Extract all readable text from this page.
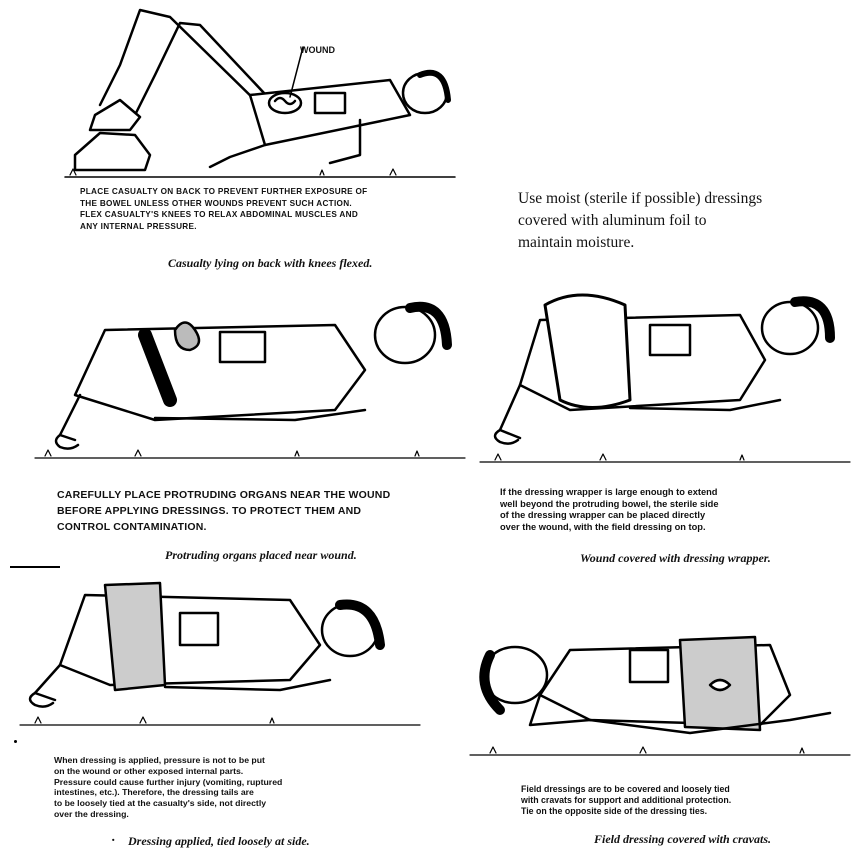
WOUND
PLACE CASUALTY ON BACK TO PREVENT FURTHER EXPOSURE OF
THE BOWEL UNLESS OTHER WOUNDS PREVENT SUCH ACTION.
FLEX CASUALTY'S KNEES TO RELAX ABDOMINAL MUSCLES AND
ANY INTERNAL PRESSURE.
Casualty lying on back with knees flexed.
Use moist (sterile if possible) dressings
covered with aluminum foil to
maintain moisture.
CAREFULLY PLACE PROTRUDING ORGANS NEAR THE WOUND
BEFORE APPLYING DRESSINGS. TO PROTECT THEM AND
CONTROL CONTAMINATION.
Protruding organs placed near wound.
If the dressing wrapper is large enough to extend
well beyond the protruding bowel, the sterile side
of the dressing wrapper can be placed directly
over the wound, with the field dressing on top.
Wound covered with dressing wrapper.
When dressing is applied, pressure is not to be put
on the wound or other exposed internal parts.
Pressure could cause further injury (vomiting, ruptured
intestines, etc.). Therefore, the dressing tails are
to be loosely tied at the casualty's side, not directly
over the dressing.
. Dressing applied, tied loosely at side.
Field dressings are to be covered and loosely tied
with cravats for support and additional protection.
Tie on the opposite side of the dressing ties.
Field dressing covered with cravats.
